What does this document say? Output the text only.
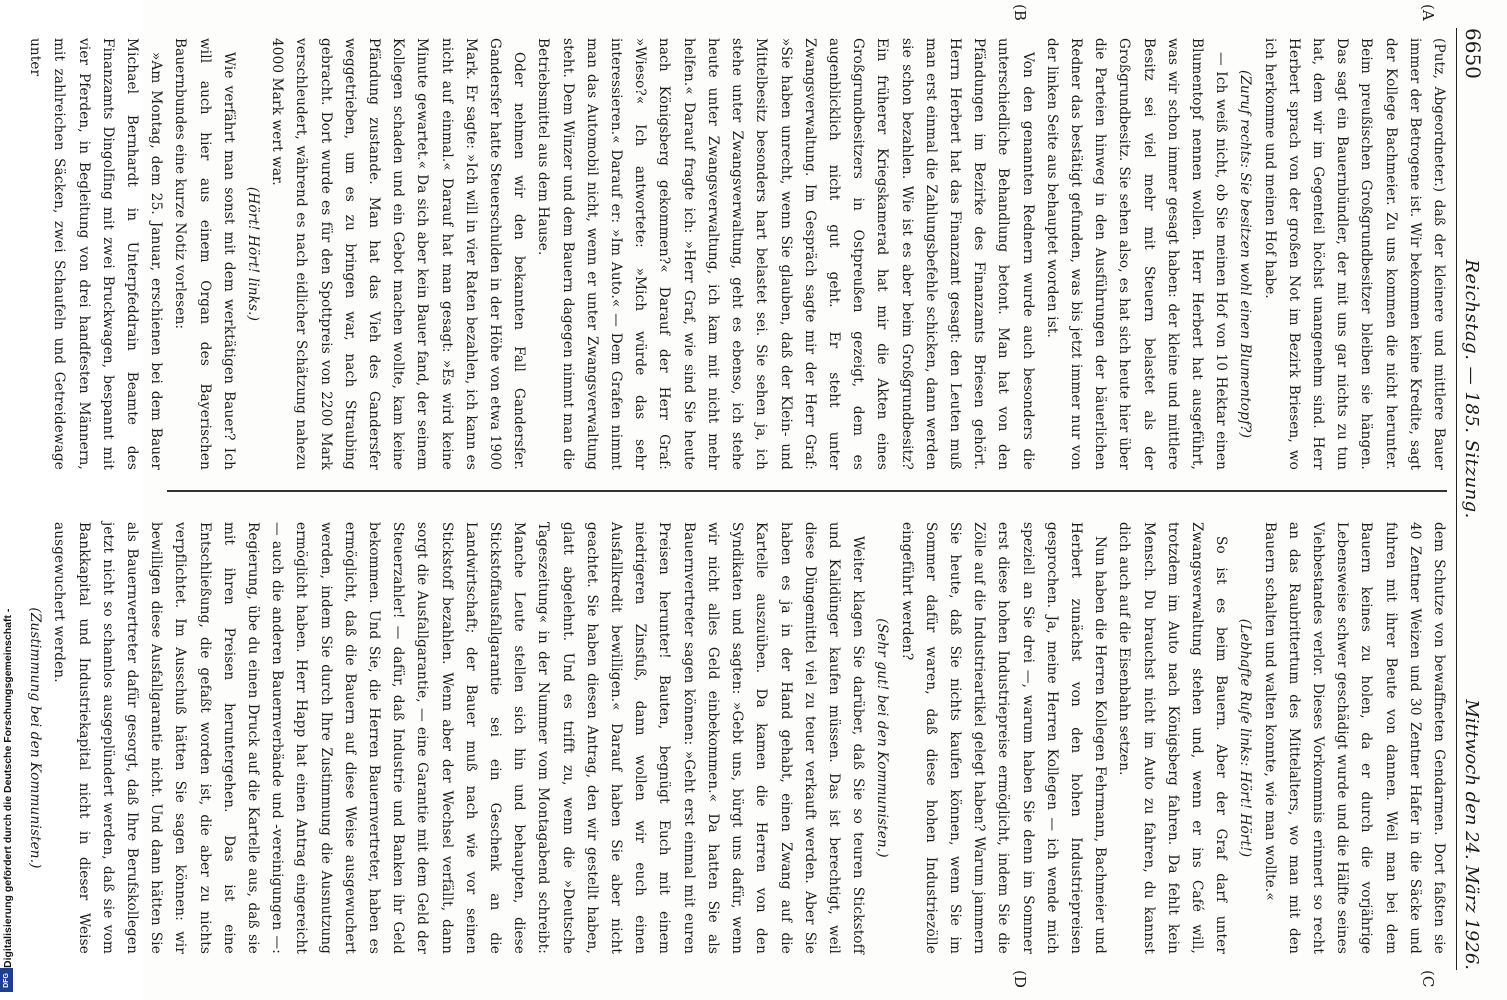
6650
Reichstag. — 185. Sitzung.
Mittwoch den 24. März 1926.
(A
(B
(C
(D

(Putz, Abgeordneter.) daß der kleinere und mittlere Bauer immer der Betrogene ist. Wir bekommen keine Kredite, sagt der Kollege Bachmeier. Zu uns kommen die nicht herunter. Beim preußischen Großgrundbesitzer bleiben sie hängen. Das sagt ein Bauernbündler, der mit uns gar nichts zu tun hat, dem wir im Gegenteil höchst unangenehm sind. Herr Herbert sprach von der großen Not im Bezirk Briesen, wo ich herkomme und meinen Hof habe.

(Zuruf rechts: Sie besitzen wohl einen Blumentopf?)

— Ich weiß nicht, ob Sie meinen Hof von 10 Hektar einen Blumentopf nennen wollen. Herr Herbert hat ausgeführt, was wir schon immer gesagt haben: der kleine und mittlere Besitz sei viel mehr mit Steuern belastet als der Großgrundbesitz. Sie sehen also, es hat sich heute hier über die Parteien hinweg in den Ausführungen der bäuerlichen Redner das bestätigt gefunden, was bis jetzt immer nur von der linken Seite aus behauptet worden ist.

Von den genannten Rednern wurde auch besonders die unterschiedliche Behandlung betont. Man hat von den Pfändungen im Bezirke des Finanzamts Briesen gehört. Herrn Herbert hat das Finanzamt gesagt: den Leuten muß man erst einmal die Zahlungsbefehle schicken, dann werden sie schon bezahlen. Wie ist es aber beim Großgrundbesitz? Ein früherer Kriegskamerad hat mir die Akten eines Großgrundbesitzers in Ostpreußen gezeigt, dem es augenblicklich nicht gut geht. Er steht unter Zwangsverwaltung. Im Gespräch sagte mir der Herr Graf: »Sie haben unrecht, wenn Sie glauben, daß der Klein- und Mittelbesitz besonders hart belastet sei. Sie sehen ja, ich stehe unter Zwangsverwaltung, geht es ebenso, ich stehe heute unter Zwangsverwaltung, ich kam mit nicht mehr helfen.« Darauf fragte ich: »Herr Graf, wie sind Sie heute nach Königsberg gekommen?« Darauf der Herr Graf: »Wieso?« Ich antwortete: »Mich würde das sehr interessieren.« Darauf er: »Im Auto.« — Dem Grafen nimmt man das Automobil nicht, wenn er unter Zwangsverwaltung steht. Dem Winzer und dem Bauern dagegen nimmt man die Betriebsmittel aus dem Hause.

Oder nehmen wir den bekannten Fall Gandersfer. Gandersfer hatte Steuerschulden in der Höhe von etwa 1900 Mark. Er sagte: »Ich will in vier Raten bezahlen, ich kann es nicht auf einmal.« Darauf hat man gesagt: »Es wird keine Minute gewartet.« Da sich aber kein Bauer fand, der seinem Kollegen schaden und ein Gebot machen wollte, kam keine Pfändung zustande. Man hat das Vieh des Gandersfer weggetrieben, um es zu bringen war, nach Straubing gebracht. Dort wurde es für den Spottpreis von 2200 Mark verschleudert, während es nach eidlicher Schätzung nahezu 4000 Mark wert war.

(Hört! Hört! links.)

Wie verfährt man sonst mit dem werktätigen Bauer? Ich will auch hier aus einem Organ des Bayerischen Bauernbundes eine kurze Notiz vorlesen:

»Am Montag, dem 25. Januar, erschienen bei dem Bauer Michael Bernhardt in Unterpfeddrain Beamte des Finanzamts Dingolfing mit zwei Bruckwagen, bespannt mit vier Pferden, in Begleitung von drei handfesten Männern, mit zahlreichen Säcken, zwei Schaufeln und Getreidewage unter

dem Schutze von bewaffneten Gendarmen. Dort faßten sie 40 Zentner Weizen und 30 Zentner Hafer in die Säcke und fuhren mit ihrer Beute von dannen. Weil man bei dem Bauern keines zu holen, da er durch die vorjährige Lebensweise schwer geschädigt wurde und die Hälfte seines Viehbestandes verlor. Dieses Vorkommnis erinnert so recht an das Raubrittertum des Mittelalters, wo man mit den Bauern schalten und walten konnte, wie man wollte.«

(Lebhafte Rufe links: Hört! Hört!)

So ist es beim Bauern. Aber der Graf darf unter Zwangsverwaltung stehen und, wenn er ins Café will, trotzdem im Auto nach Königsberg fahren. Da fehlt kein Mensch. Du brauchst nicht im Auto zu fahren, du kannst dich auch auf die Eisenbahn setzen.

Nun haben die Herren Kollegen Fehrmann, Bachmeier und Herbert zunächst von den hohen Industriepreisen gesprochen. Ja, meine Herren Kollegen — ich wende mich speziell an Sie drei —, warum haben Sie denn im Sommer erst diese hohen Industriepreise ermöglicht, indem Sie die Zölle auf die Industrieartikel gelegt haben? Warum jammern Sie heute, daß Sie nichts kaufen können, wenn Sie im Sommer dafür waren, daß diese hohen Industriezölle eingeführt werden?

(Sehr gut! bei den Kommunisten.)

Weiter klagen Sie darüber, daß Sie so teuren Stickstoff und Kalidünger kaufen müssen. Das ist berechtigt, weil diese Düngemittel viel zu teuer verkauft werden. Aber Sie haben es ja in der Hand gehabt, einen Zwang auf die Kartelle auszuüben. Da kamen die Herren von den Syndikaten und sagten: »Gebt uns, bürgt uns dafür, wenn wir nicht alles Geld einbekommen.« Da hatten Sie als Bauernvertreter sagen können: »Geht erst einmal mit euren Preisen herunter! Bauten, begnügt Euch mit einem niedrigeren Zinsfuß, dann wollen wir euch einen Ausfallkredit bewilligen.« Darauf haben Sie aber nicht geachtet. Sie haben diesen Antrag, den wir gestellt haben, glatt abgelehnt. Und es trifft zu, wenn die »Deutsche Tageszeitung« in der Nummer vom Montagabend schreibt: Manche Leute stellen sich hin und behaupten, diese Stickstoffausfallgarantie sei ein Geschenk an die Landwirtschaft; der Bauer muß nach wie vor seinen Stickstoff bezahlen. Wenn aber der Wechsel verfällt, dann sorgt die Ausfallgarantie, — eine Garantie mit dem Geld der Steuerzahler! — dafür, daß Industrie und Banken ihr Geld bekommen. Und Sie, die Herren Bauernvertreter, haben es ermöglicht, daß die Bauern auf diese Weise ausgewuchert werden, indem Sie durch Ihre Zustimmung die Ausnutzung ermöglicht haben. Herr Happ hat einen Antrag eingereicht — auch die anderen Bauernverbände und -vereinigungen —: Regierung, übe du einen Druck auf die Kartelle aus, daß sie mit ihren Preisen heruntergehen. Das ist eine Entschließung, die gefaßt worden ist, die aber zu nichts verpflichtet. Im Ausschuß hätten Sie sagen können: wir bewilligen diese Ausfallgarantie nicht. Und dann hätten Sie als Bauernvertreter dafür gesorgt, daß Ihre Berufskollegen jetzt nicht so schamlos ausgeplündert werden, daß sie vom Bankkapital und Industriekapital nicht in dieser Weise ausgewuchert werden.

(Zustimmung bei den Kommunisten.)

Digitalisierung gefördert durch die Deutsche Forschungsgemeinschaft -
DFG
